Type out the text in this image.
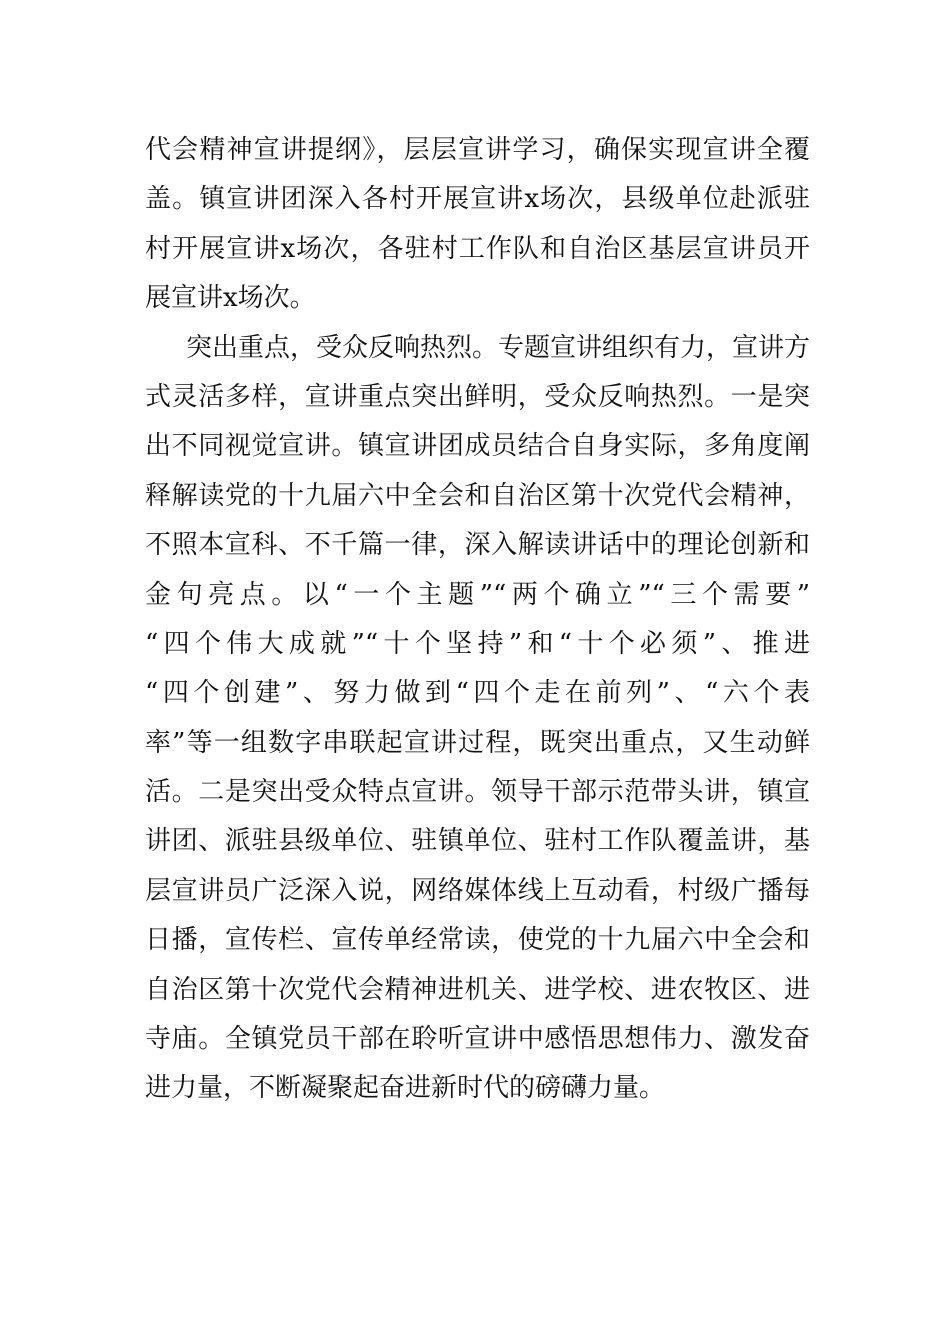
代会精神宣讲提纲》，层层宣讲学习，确保实现宣讲全覆
盖。镇宣讲团深入各村开展宣讲x场次，县级单位赴派驻
村开展宣讲x场次，各驻村工作队和自治区基层宣讲员开
展宣讲x场次。
突出重点，受众反响热烈。专题宣讲组织有力，宣讲方
式灵活多样，宣讲重点突出鲜明，受众反响热烈。一是突
出不同视觉宣讲。镇宣讲团成员结合自身实际，多角度阐
释解读党的十九届六中全会和自治区第十次党代会精神，
不照本宣科、不千篇一律，深入解读讲话中的理论创新和
金句亮点。以“一个主题”“两个确立”“三个需要”
“四个伟大成就”“十个坚持”和“十个必须”、推进
“四个创建”、努力做到“四个走在前列”、“六个表
率”等一组数字串联起宣讲过程，既突出重点，又生动鲜
活。二是突出受众特点宣讲。领导干部示范带头讲，镇宣
讲团、派驻县级单位、驻镇单位、驻村工作队覆盖讲，基
层宣讲员广泛深入说，网络媒体线上互动看，村级广播每
日播，宣传栏、宣传单经常读，使党的十九届六中全会和
自治区第十次党代会精神进机关、进学校、进农牧区、进
寺庙。全镇党员干部在聆听宣讲中感悟思想伟力、激发奋
进力量，不断凝聚起奋进新时代的磅礴力量。
